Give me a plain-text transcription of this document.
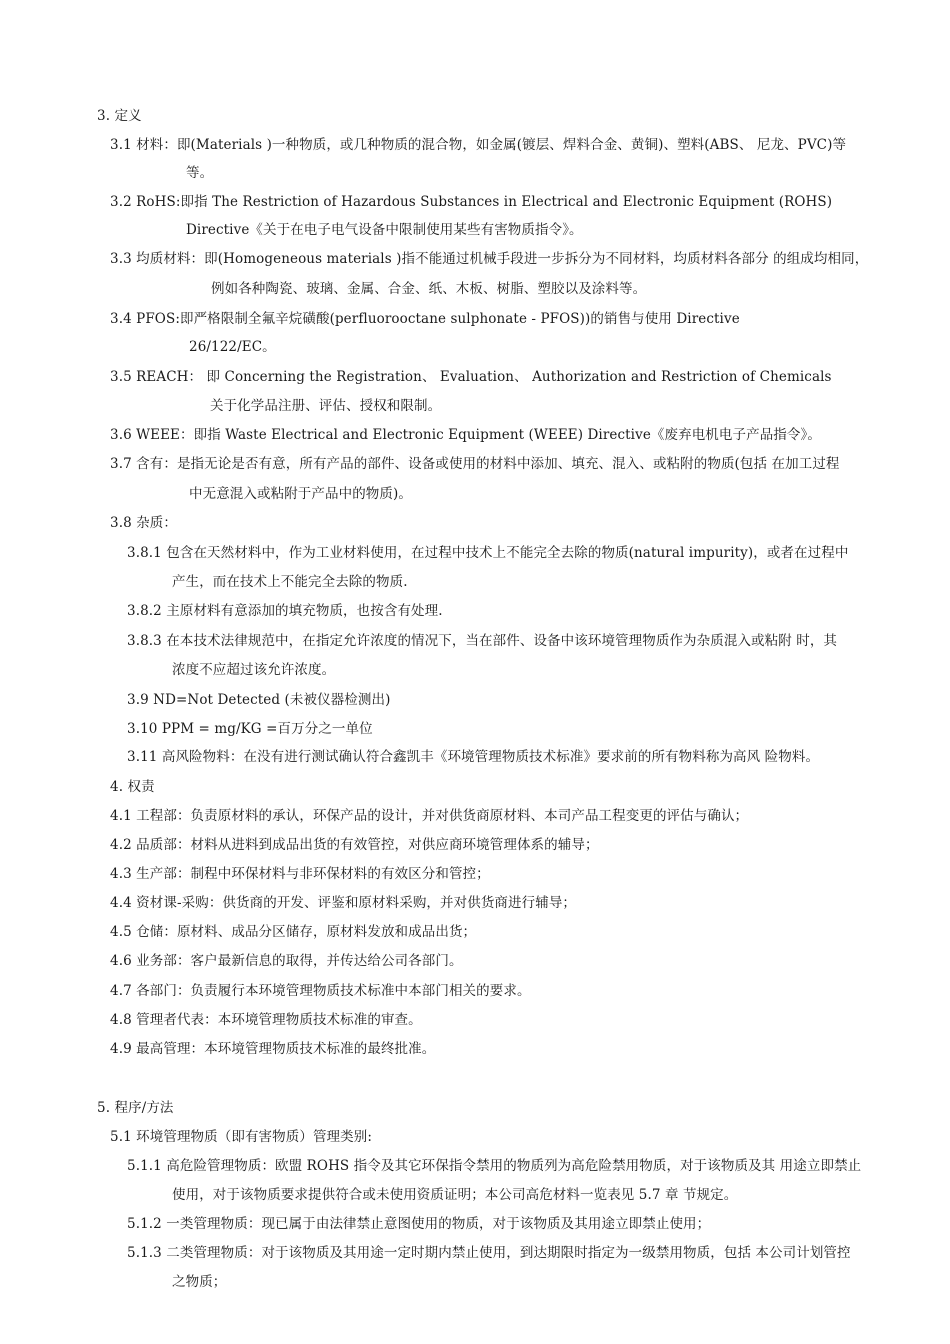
3. 定义
3.1 材料：即(Materials )一种物质，或几种物质的混合物，如金属(镀层、焊料合金、黄铜)、塑料(ABS、 尼龙、PVC)等
等。
3.2 RoHS:即指 The Restriction of Hazardous Substances in Electrical and Electronic Equipment (ROHS)
Directive《关于在电子电气设备中限制使用某些有害物质指令》。
3.3 均质材料：即(Homogeneous materials )指不能通过机械手段进一步拆分为不同材料，均质材料各部分 的组成均相同，
例如各种陶瓷、玻璃、金属、合金、纸、木板、树脂、塑胶以及涂料等。
3.4 PFOS:即严格限制全氟辛烷磺酸(perfluorooctane sulphonate - PFOS))的销售与使用 Directive
26/122/EC。
3.5 REACH： 即 Concerning the Registration、 Evaluation、 Authorization and Restriction of Chemicals
关于化学品注册、评估、授权和限制。
3.6 WEEE：即指 Waste Electrical and Electronic Equipment (WEEE) Directive《废弃电机电子产品指令》。
3.7 含有：是指无论是否有意，所有产品的部件、设备或使用的材料中添加、填充、混入、或粘附的物质(包括 在加工过程
中无意混入或粘附于产品中的物质)。
3.8 杂质：
3.8.1 包含在天然材料中，作为工业材料使用，在过程中技术上不能完全去除的物质(natural impurity)，或者在过程中
产生，而在技术上不能完全去除的物质.
3.8.2 主原材料有意添加的填充物质，也按含有处理.
3.8.3 在本技术法律规范中，在指定允许浓度的情况下，当在部件、设备中该环境管理物质作为杂质混入或粘附 时，其
浓度不应超过该允许浓度。
3.9 ND=Not Detected (未被仪器检测出)
3.10 PPM = mg/KG =百万分之一单位
3.11 高风险物料：在没有进行测试确认符合鑫凯丰《环境管理物质技术标准》要求前的所有物料称为高风 险物料。
4. 权责
4.1 工程部：负责原材料的承认，环保产品的设计，并对供货商原材料、本司产品工程变更的评估与确认；
4.2 品质部：材料从进料到成品出货的有效管控，对供应商环境管理体系的辅导；
4.3 生产部：制程中环保材料与非环保材料的有效区分和管控；
4.4 资材课-采购：供货商的开发、评鉴和原材料采购，并对供货商进行辅导；
4.5 仓储：原材料、成品分区储存，原材料发放和成品出货；
4.6 业务部：客户最新信息的取得，并传达给公司各部门。
4.7 各部门：负责履行本环境管理物质技术标准中本部门相关的要求。
4.8 管理者代表：本环境管理物质技术标准的审查。
4.9 最高管理：本环境管理物质技术标准的最终批准。
5. 程序/方法
5.1 环境管理物质（即有害物质）管理类别:
5.1.1 高危险管理物质：欧盟 ROHS 指令及其它环保指令禁用的物质列为高危险禁用物质，对于该物质及其 用途立即禁止
使用，对于该物质要求提供符合或未使用资质证明；本公司高危材料一览表见 5.7 章 节规定。
5.1.2 一类管理物质：现已属于由法律禁止意图使用的物质，对于该物质及其用途立即禁止使用；
5.1.3 二类管理物质：对于该物质及其用途一定时期内禁止使用，到达期限时指定为一级禁用物质，包括 本公司计划管控
之物质；
